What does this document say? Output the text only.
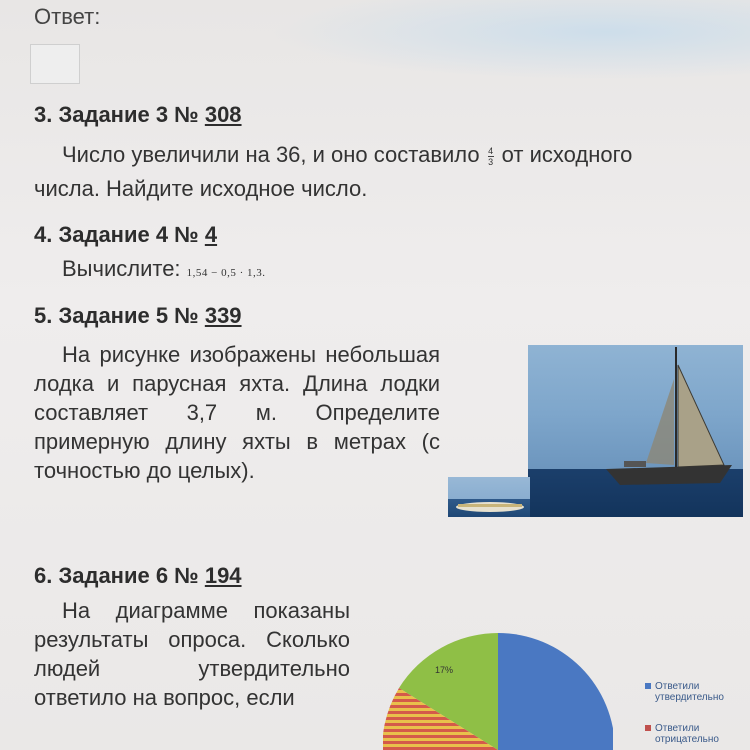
Ответ:
3. Задание 3 № 308
Число увеличили на 36, и оно составило $\frac{4}{3}$ от исходного
числа. Найдите исходное число.
4. Задание 4 № 4
Вычислите: 1,54 − 0,5 · 1,3.
5. Задание 5 № 339
На рисунке изображены небольшая лодка и парусная яхта. Длина лодки составляет 3,7 м. Определите примерную длину яхты в метрах (с точностью до целых).
6. Задание 6 № 194
На диаграмме показаны результаты опроса. Сколько людей утвердительно ответило на вопрос, если
17%
Ответили утвердительно
Ответили отрицательно
